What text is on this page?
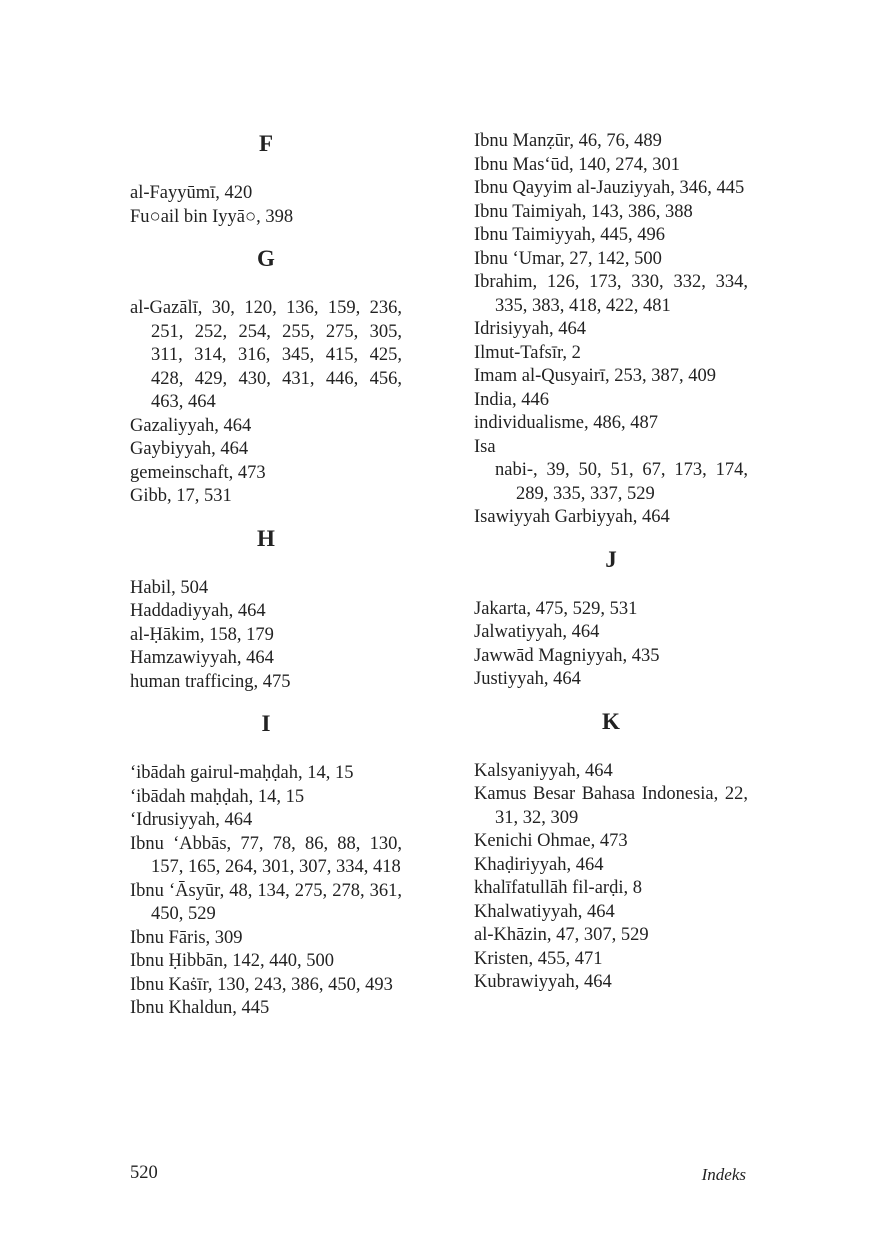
F
al-Fayyūmī, 420
Fu○ail bin Iyyā○, 398
G
al-Gazālī, 30, 120, 136, 159, 236, 251, 252, 254, 255, 275, 305, 311, 314, 316, 345, 415, 425, 428, 429, 430, 431, 446, 456, 463, 464
Gazaliyyah, 464
Gaybiyyah, 464
gemeinschaft, 473
Gibb, 17, 531
H
Habil, 504
Haddadiyyah, 464
al-Ḥākim, 158, 179
Hamzawiyyah, 464
human trafficing, 475
I
‘ibādah gairul-maḥḍah, 14, 15
‘ibādah maḥḍah, 14, 15
‘Idrusiyyah, 464
Ibnu ‘Abbās, 77, 78, 86, 88, 130, 157, 165, 264, 301, 307, 334, 418
Ibnu ‘Āsyūr, 48, 134, 275, 278, 361, 450, 529
Ibnu Fāris, 309
Ibnu Ḥibbān, 142, 440, 500
Ibnu Kaṡīr, 130, 243, 386, 450, 493
Ibnu Khaldun, 445
Ibnu Manẓūr, 46, 76, 489
Ibnu Mas‘ūd, 140, 274, 301
Ibnu Qayyim al-Jauziyyah, 346, 445
Ibnu Taimiyah, 143, 386, 388
Ibnu Taimiyyah, 445, 496
Ibnu ‘Umar, 27, 142, 500
Ibrahim, 126, 173, 330, 332, 334, 335, 383, 418, 422, 481
Idrisiyyah, 464
Ilmut-Tafsīr, 2
Imam al-Qusyairī, 253, 387, 409
India, 446
individualisme, 486, 487
Isa
nabi-, 39, 50, 51, 67, 173, 174, 289, 335, 337, 529
Isawiyyah Garbiyyah, 464
J
Jakarta, 475, 529, 531
Jalwatiyyah, 464
Jawwād Magniyyah, 435
Justiyyah, 464
K
Kalsyaniyyah, 464
Kamus Besar Bahasa Indonesia, 22, 31, 32, 309
Kenichi Ohmae, 473
Khaḍiriyyah, 464
khalīfatullāh fil-arḍi, 8
Khalwatiyyah, 464
al-Khāzin, 47, 307, 529
Kristen, 455, 471
Kubrawiyyah, 464
520	Indeks
